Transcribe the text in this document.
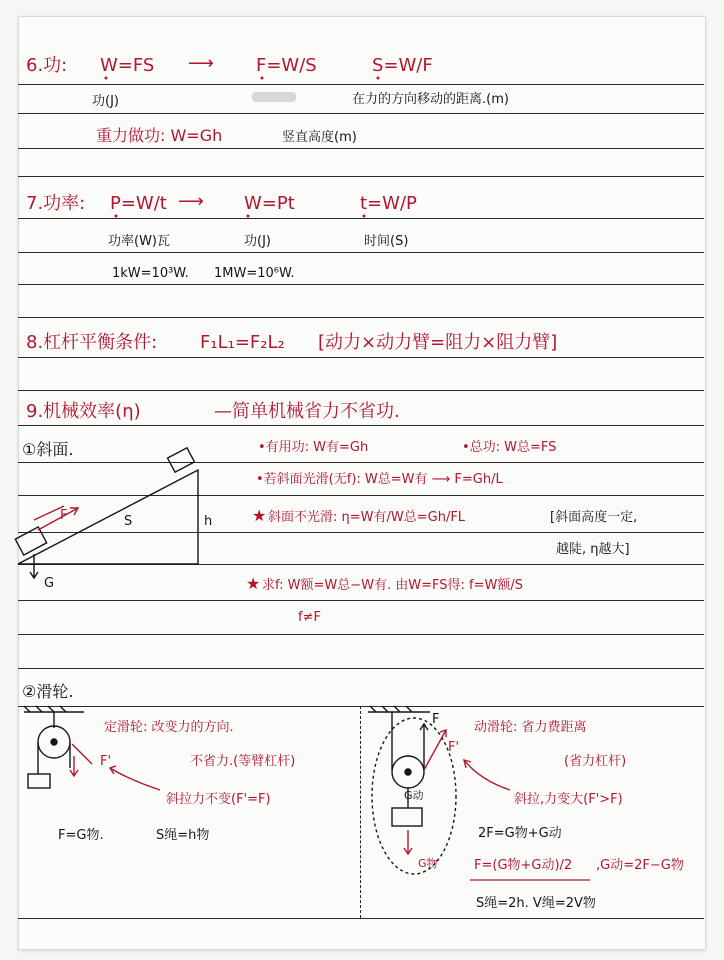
6.功: W=FS ⟶ F=W/S	S=W/F
功(J)	在力的方向移动的距离.(m)
重力做功: W=Gh	竖直高度(m)
7.功率: P=W/t ⟶ W=Pt	t=W/P
功率(W)瓦	功(J)	时间(S)
1kW=10³W. 1MW=10⁶W.
8.杠杆平衡条件: F₁L₁=F₂L₂ [动力×动力臂=阻力×阻力臂]
9.机械效率(η)	—简单机械省力不省功.
①斜面.	•有用功: W有=Gh	•总功: W总=FS
•若斜面光滑(无f): W总=W有 ⟶ F=Gh/L
★ 斜面不光滑: η=W有/W总=Gh/FL	[斜面高度一定,
越陡, η越大]
★ 求f: W额=W总−W有. 由W=FS得: f=W额/S
f≠F
F
G
S	h
②滑轮.
定滑轮: 改变力的方向.
不省力.(等臂杠杆)
斜拉力不变(F'=F)
F=G物.	S绳=h物
F'
动滑轮: 省力费距离
(省力杠杆)
斜拉,力变大(F'>F)
2F=G物+G动
F=(G物+G动)/2 ,G动=2F−G物
S绳=2h. V绳=2V物
G动
G物
F
F'
